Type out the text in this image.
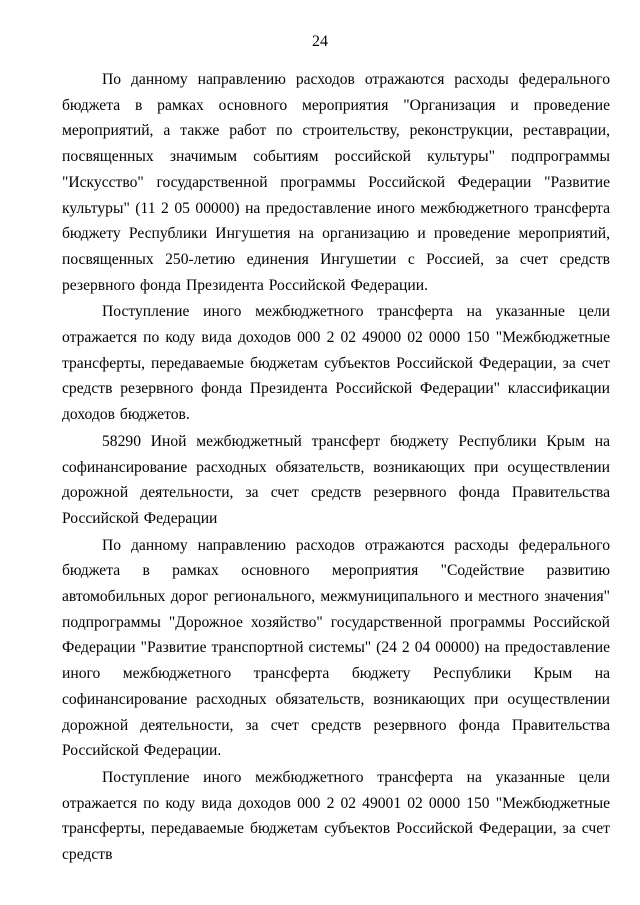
24

По данному направлению расходов отражаются расходы федерального бюджета в рамках основного мероприятия "Организация и проведение мероприятий, а также работ по строительству, реконструкции, реставрации, посвященных значимым событиям российской культуры" подпрограммы "Искусство" государственной программы Российской Федерации "Развитие культуры" (11 2 05 00000) на предоставление иного межбюджетного трансферта бюджету Республики Ингушетия на организацию и проведение мероприятий, посвященных 250-летию единения Ингушетии с Россией, за счет средств резервного фонда Президента Российской Федерации.

Поступление иного межбюджетного трансферта на указанные цели отражается по коду вида доходов 000 2 02 49000 02 0000 150 "Межбюджетные трансферты, передаваемые бюджетам субъектов Российской Федерации, за счет средств резервного фонда Президента Российской Федерации" классификации доходов бюджетов.

58290 Иной межбюджетный трансферт бюджету Республики Крым на софинансирование расходных обязательств, возникающих при осуществлении дорожной деятельности, за счет средств резервного фонда Правительства Российской Федерации

По данному направлению расходов отражаются расходы федерального бюджета в рамках основного мероприятия "Содействие развитию автомобильных дорог регионального, межмуниципального и местного значения" подпрограммы "Дорожное хозяйство" государственной программы Российской Федерации "Развитие транспортной системы" (24 2 04 00000) на предоставление иного межбюджетного трансферта бюджету Республики Крым на софинансирование расходных обязательств, возникающих при осуществлении дорожной деятельности, за счет средств резервного фонда Правительства Российской Федерации.

Поступление иного межбюджетного трансферта на указанные цели отражается по коду вида доходов 000 2 02 49001 02 0000 150 "Межбюджетные трансферты, передаваемые бюджетам субъектов Российской Федерации, за счет средств
